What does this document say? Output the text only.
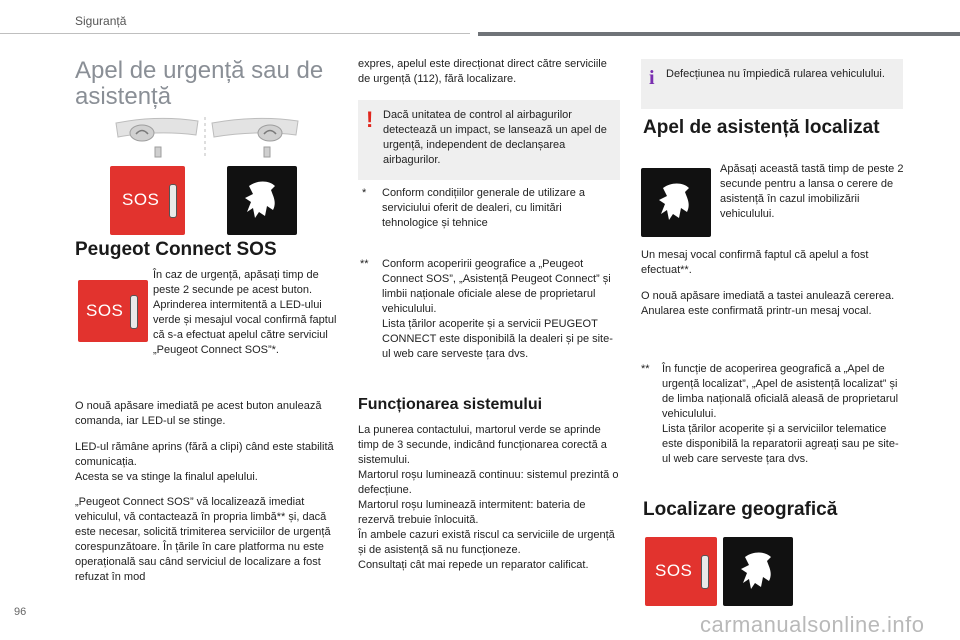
Siguranță
Apel de urgență sau de
asistență
SOS
Peugeot Connect SOS
SOS
În caz de urgență, apăsați timp de peste 2 secunde pe acest buton. Aprinderea intermitentă a LED-ului verde și mesajul vocal confirmă faptul că s-a efectuat apelul către serviciul „Peugeot Connect SOS”*.
O nouă apăsare imediată pe acest buton anulează comanda, iar LED-ul se stinge.

LED-ul rămâne aprins (fără a clipi) când este stabilită comunicația.

Acesta se va stinge la finalul apelului.

„Peugeot Connect SOS” vă localizează imediat vehiculul, vă contactează în propria limbă** și, dacă este necesar, solicită trimiterea serviciilor de urgență corespunzătoare. În țările în care platforma nu este operațională sau când serviciul de localizare a fost refuzat în mod
expres, apelul este direcționat direct către serviciile de urgență (112), fără localizare.
! Dacă unitatea de control al airbagurilor detectează un impact, se lansează un apel de urgență, independent de declanșarea airbagurilor.
* Conform condițiilor generale de utilizare a serviciului oferit de dealeri, cu limitări tehnologice și tehnice
** Conform acoperirii geografice a „Peugeot Connect SOS”, „Asistență Peugeot Connect” și limbii naționale oficiale alese de proprietarul vehiculului.

Lista țărilor acoperite și a servicii PEUGEOT CONNECT este disponibilă la dealeri și pe site-ul web care serveste țara dvs.

Funcționarea sistemului

La punerea contactului, martorul verde se aprinde timp de 3 secunde, indicând funcționarea corectă a sistemului.

Martorul roșu luminează continuu: sistemul prezintă o defecțiune.

Martorul roșu luminează intermitent: bateria de rezervă trebuie înlocuită.

În ambele cazuri există riscul ca serviciile de urgență și de asistență să nu funcționeze.

Consultați cât mai repede un reparator calificat.

i Defecțiunea nu împiedică rularea vehiculului.
Apel de asistență localizat
Apăsați această tastă timp de peste 2 secunde pentru a lansa o cerere de asistență în cazul imobilizării vehiculului.
Un mesaj vocal confirmă faptul că apelul a fost efectuat**.

O nouă apăsare imediată a tastei anulează cererea.

Anularea este confirmată printr-un mesaj vocal.

** În funcție de acoperirea geografică a „Apel de urgență localizat”, „Apel de asistență localizat” și de limba națională oficială aleasă de proprietarul vehiculului.

Lista țărilor acoperite și a serviciilor telematice este disponibilă la reparatorii agreați sau pe site-ul web care serveste țara dvs.

Localizare geografică
SOS
96	carmanualsonline.info
